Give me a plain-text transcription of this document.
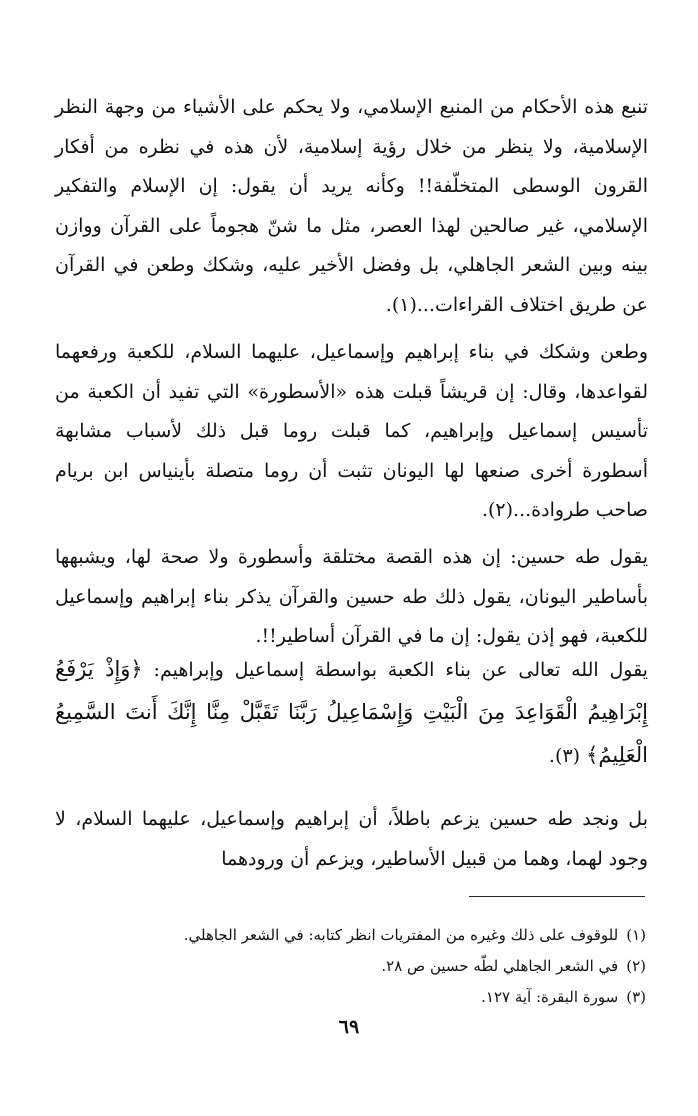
تنبع هذه الأحكام من المنبع الإسلامي، ولا يحكم على الأشياء من وجهة النظر الإسلامية، ولا ينظر من خلال رؤية إسلامية، لأن هذه في نظره من أفكار القرون الوسطى المتخلّفة!! وكأنه يريد أن يقول: إن الإسلام والتفكير الإسلامي، غير صالحين لهذا العصر، مثل ما شنّ هجوماً على القرآن ووازن بينه وبين الشعر الجاهلي، بل وفضل الأخير عليه، وشكك وطعن في القرآن عن طريق اختلاف القراءات...(١).

وطعن وشكك في بناء إبراهيم وإسماعيل، عليهما السلام، للكعبة ورفعهما لقواعدها، وقال: إن قريشاً قبلت هذه «الأسطورة» التي تفيد أن الكعبة من تأسيس إسماعيل وإبراهيم، كما قبلت روما قبل ذلك لأسباب مشابهة أسطورة أخرى صنعها لها اليونان تثبت أن روما متصلة بأينياس ابن بريام صاحب طروادة...(٢).

يقول طه حسين: إن هذه القصة مختلقة وأسطورة ولا صحة لها، ويشبهها بأساطير اليونان، يقول ذلك طه حسين والقرآن يذكر بناء إبراهيم وإسماعيل للكعبة، فهو إذن يقول: إن ما في القرآن أساطير!!.

يقول الله تعالى عن بناء الكعبة بواسطة إسماعيل وإبراهيم: ﴿وَإِذْ يَرْفَعُ إِبْرَاهِيمُ الْقَوَاعِدَ مِنَ الْبَيْتِ وَإِسْمَاعِيلُ رَبَّنَا تَقَبَّلْ مِنَّا إِنَّكَ أَنتَ السَّمِيعُ الْعَلِيمُ﴾ (٣).

بل ونجد طه حسين يزعم باطلاً، أن إبراهيم وإسماعيل، عليهما السلام، لا وجود لهما، وهما من قبيل الأساطير، ويزعم أن ورودهما

(١)للوقوف على ذلك وغيره من المفتريات انظر كتابه: في الشعر الجاهلي.
(٢)في الشعر الجاهلي لطّه حسين ص ٢٨.
(٣)سورة البقرة: آية ١٢٧.
٦٩
